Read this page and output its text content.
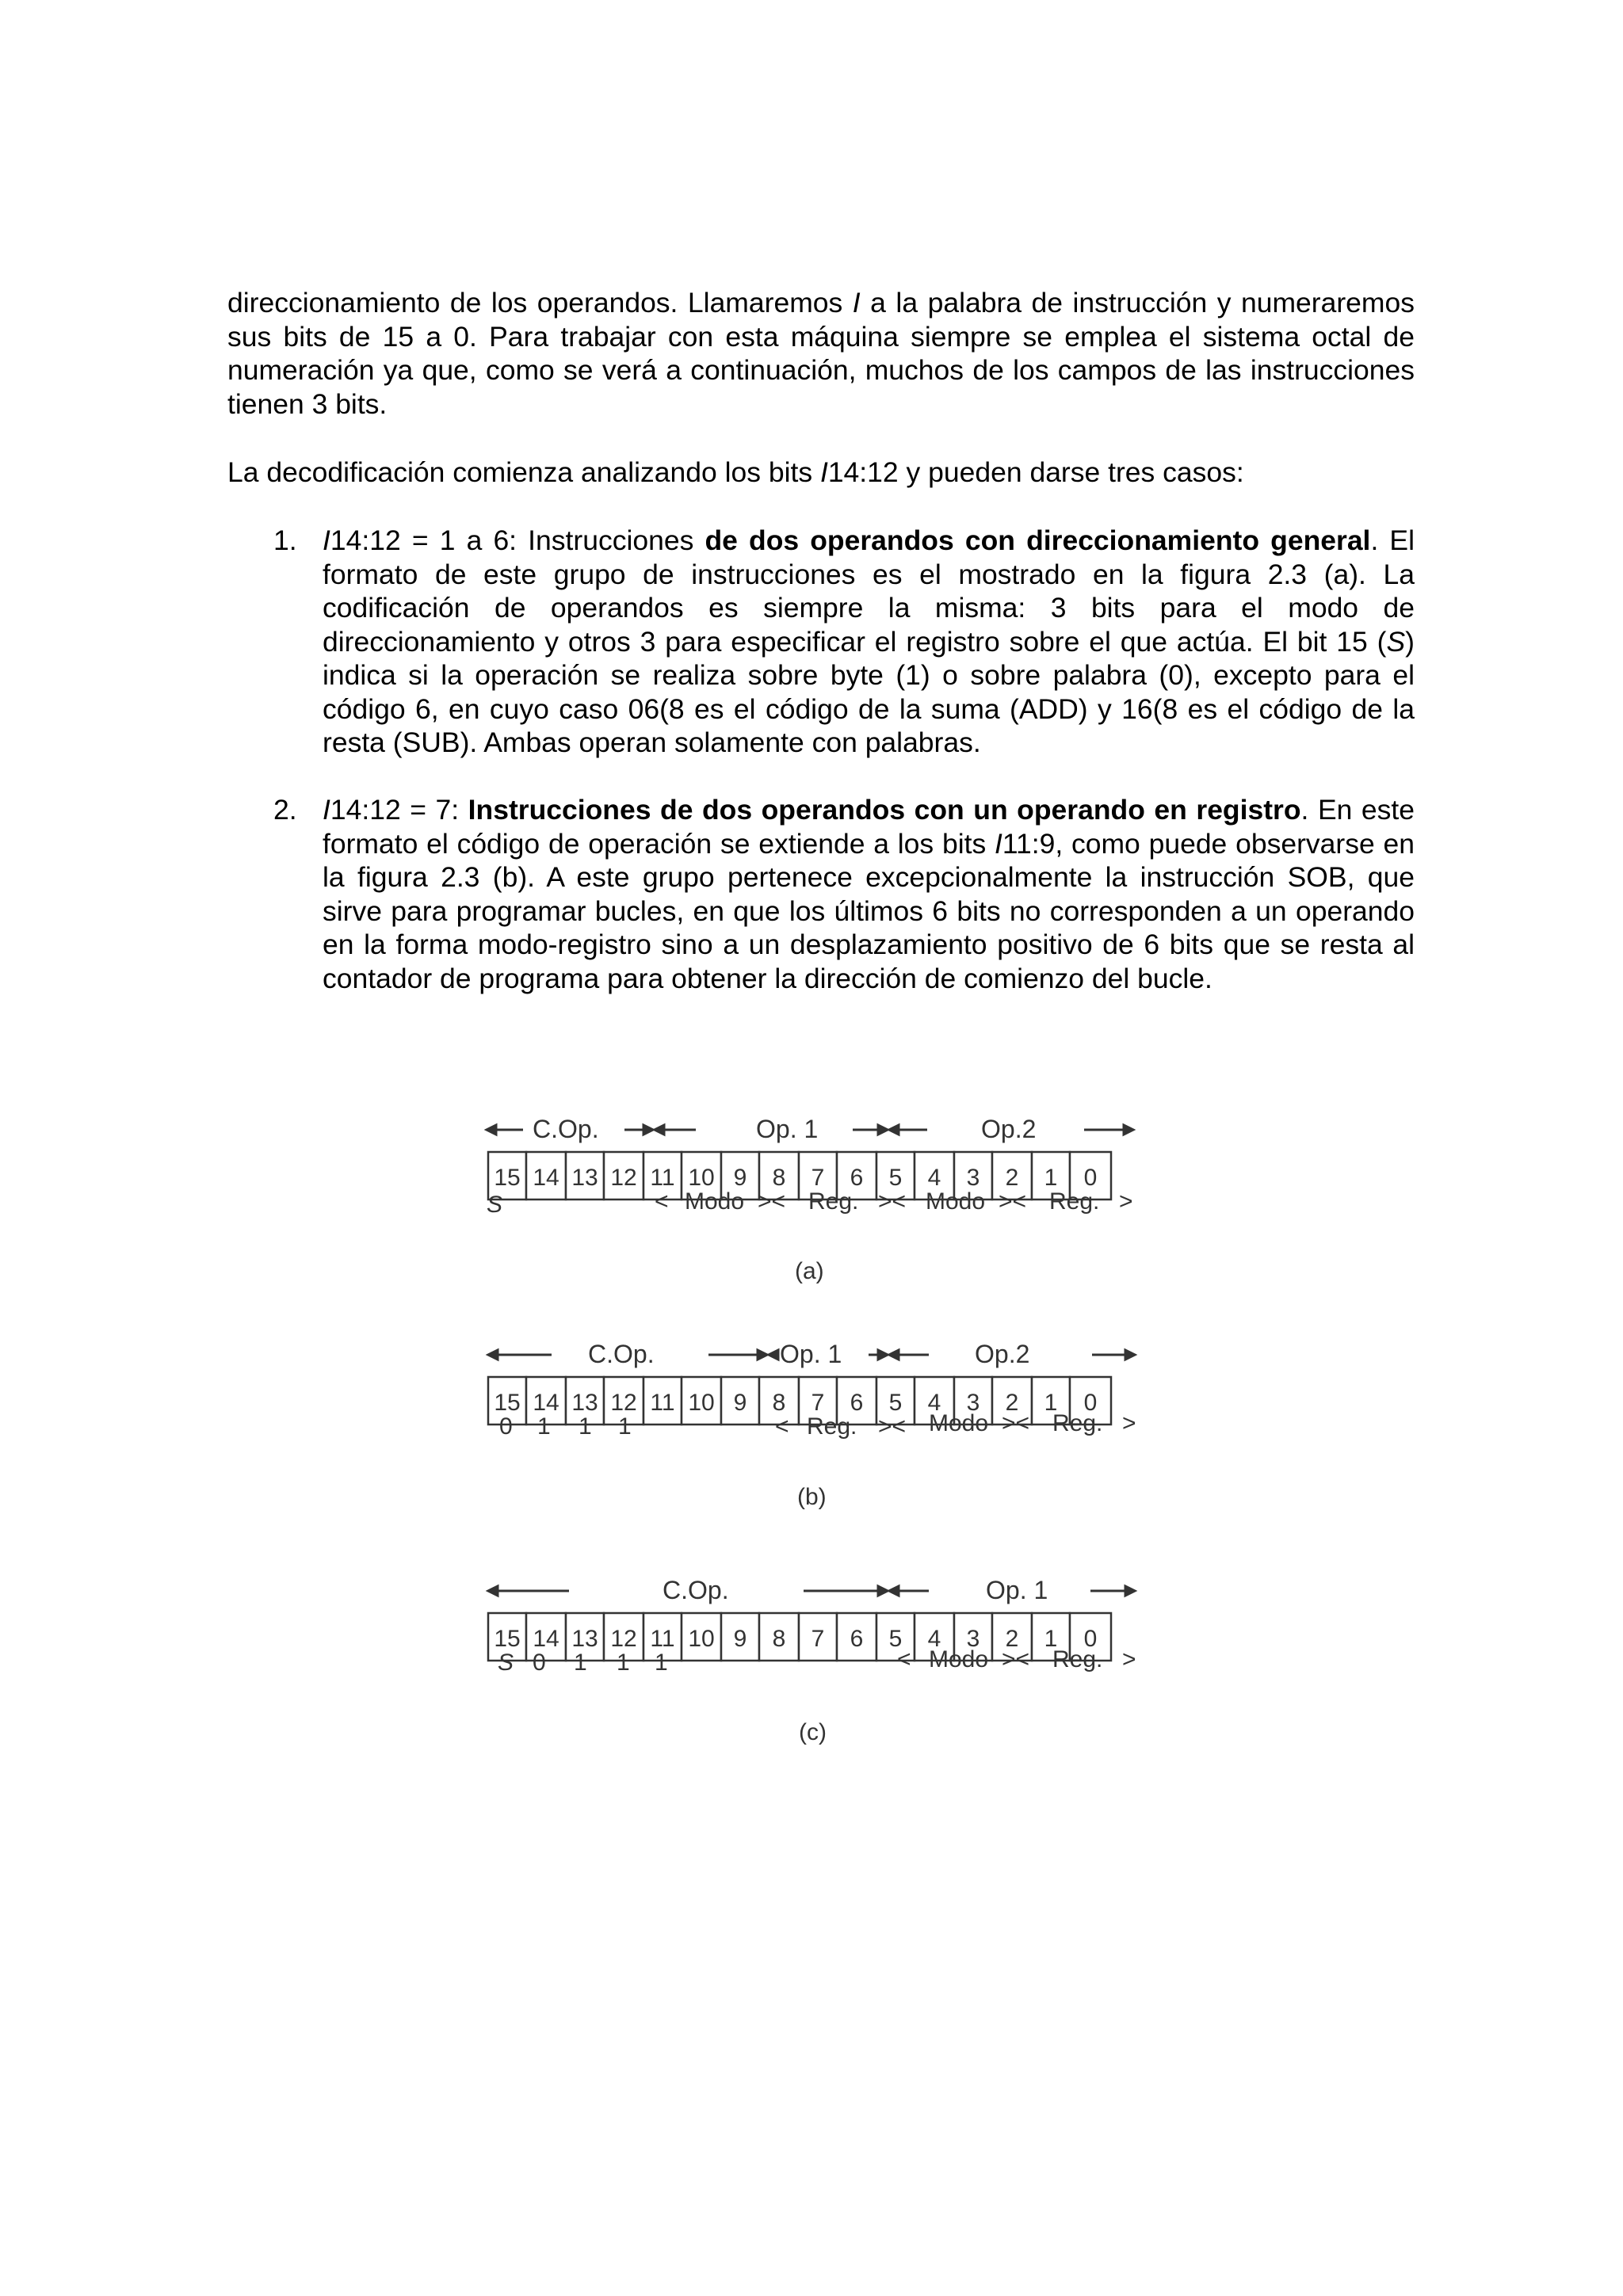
direccionamiento de los operandos. Llamaremos I a la palabra de instrucción y numeraremos sus bits de 15 a 0. Para trabajar con esta máquina siempre se emplea el sistema octal de numeración ya que, como se verá a continuación, muchos de los campos de las instrucciones tienen 3 bits.

La decodificación comienza analizando los bits I14:12 y pueden darse tres casos:

1. I14:12 = 1 a 6: Instrucciones de dos operandos con direccionamiento general. El formato de este grupo de instrucciones es el mostrado en la figura 2.3 (a). La codificación de operandos es siempre la misma: 3 bits para el modo de direccionamiento y otros 3 para especificar el registro sobre el que actúa. El bit 15 (S) indica si la operación se realiza sobre byte (1) o sobre palabra (0), excepto para el código 6, en cuyo caso 06(8 es el código de la suma (ADD) y 16(8 es el código de la resta (SUB). Ambas operan solamente con palabras.
2. I14:12 = 7: Instrucciones de dos operandos con un operando en registro. En este formato el código de operación se extiende a los bits I11:9, como puede observarse en la figura 2.3 (b). A este grupo pertenece excepcionalmente la instrucción SOB, que sirve para programar bucles, en que los últimos 6 bits no corresponden a un operando en la forma modo-registro sino a un desplazamiento positivo de 6 bits que se resta al contador de programa para obtener la dirección de comienzo del bucle.
C.Op.	Op. 1	Op.2
15 14 13 12 11 10 9 8 7 6 5 4 3 2 1 0
S	< Modo >< Reg. >< Modo >< Reg. >
(a)
C.Op.	Op. 1	Op.2
15 14 13 12 11 10 9 8 7 6 5 4 3 2 1 0
0 1 1 1	< Reg. >< Modo >< Reg. >
(b)
C.Op.	Op. 1
15 14 13 12 11 10 9 8 7 6 5 4 3 2 1 0
S 0 1 1 1	< Modo >< Reg. >
(c)
